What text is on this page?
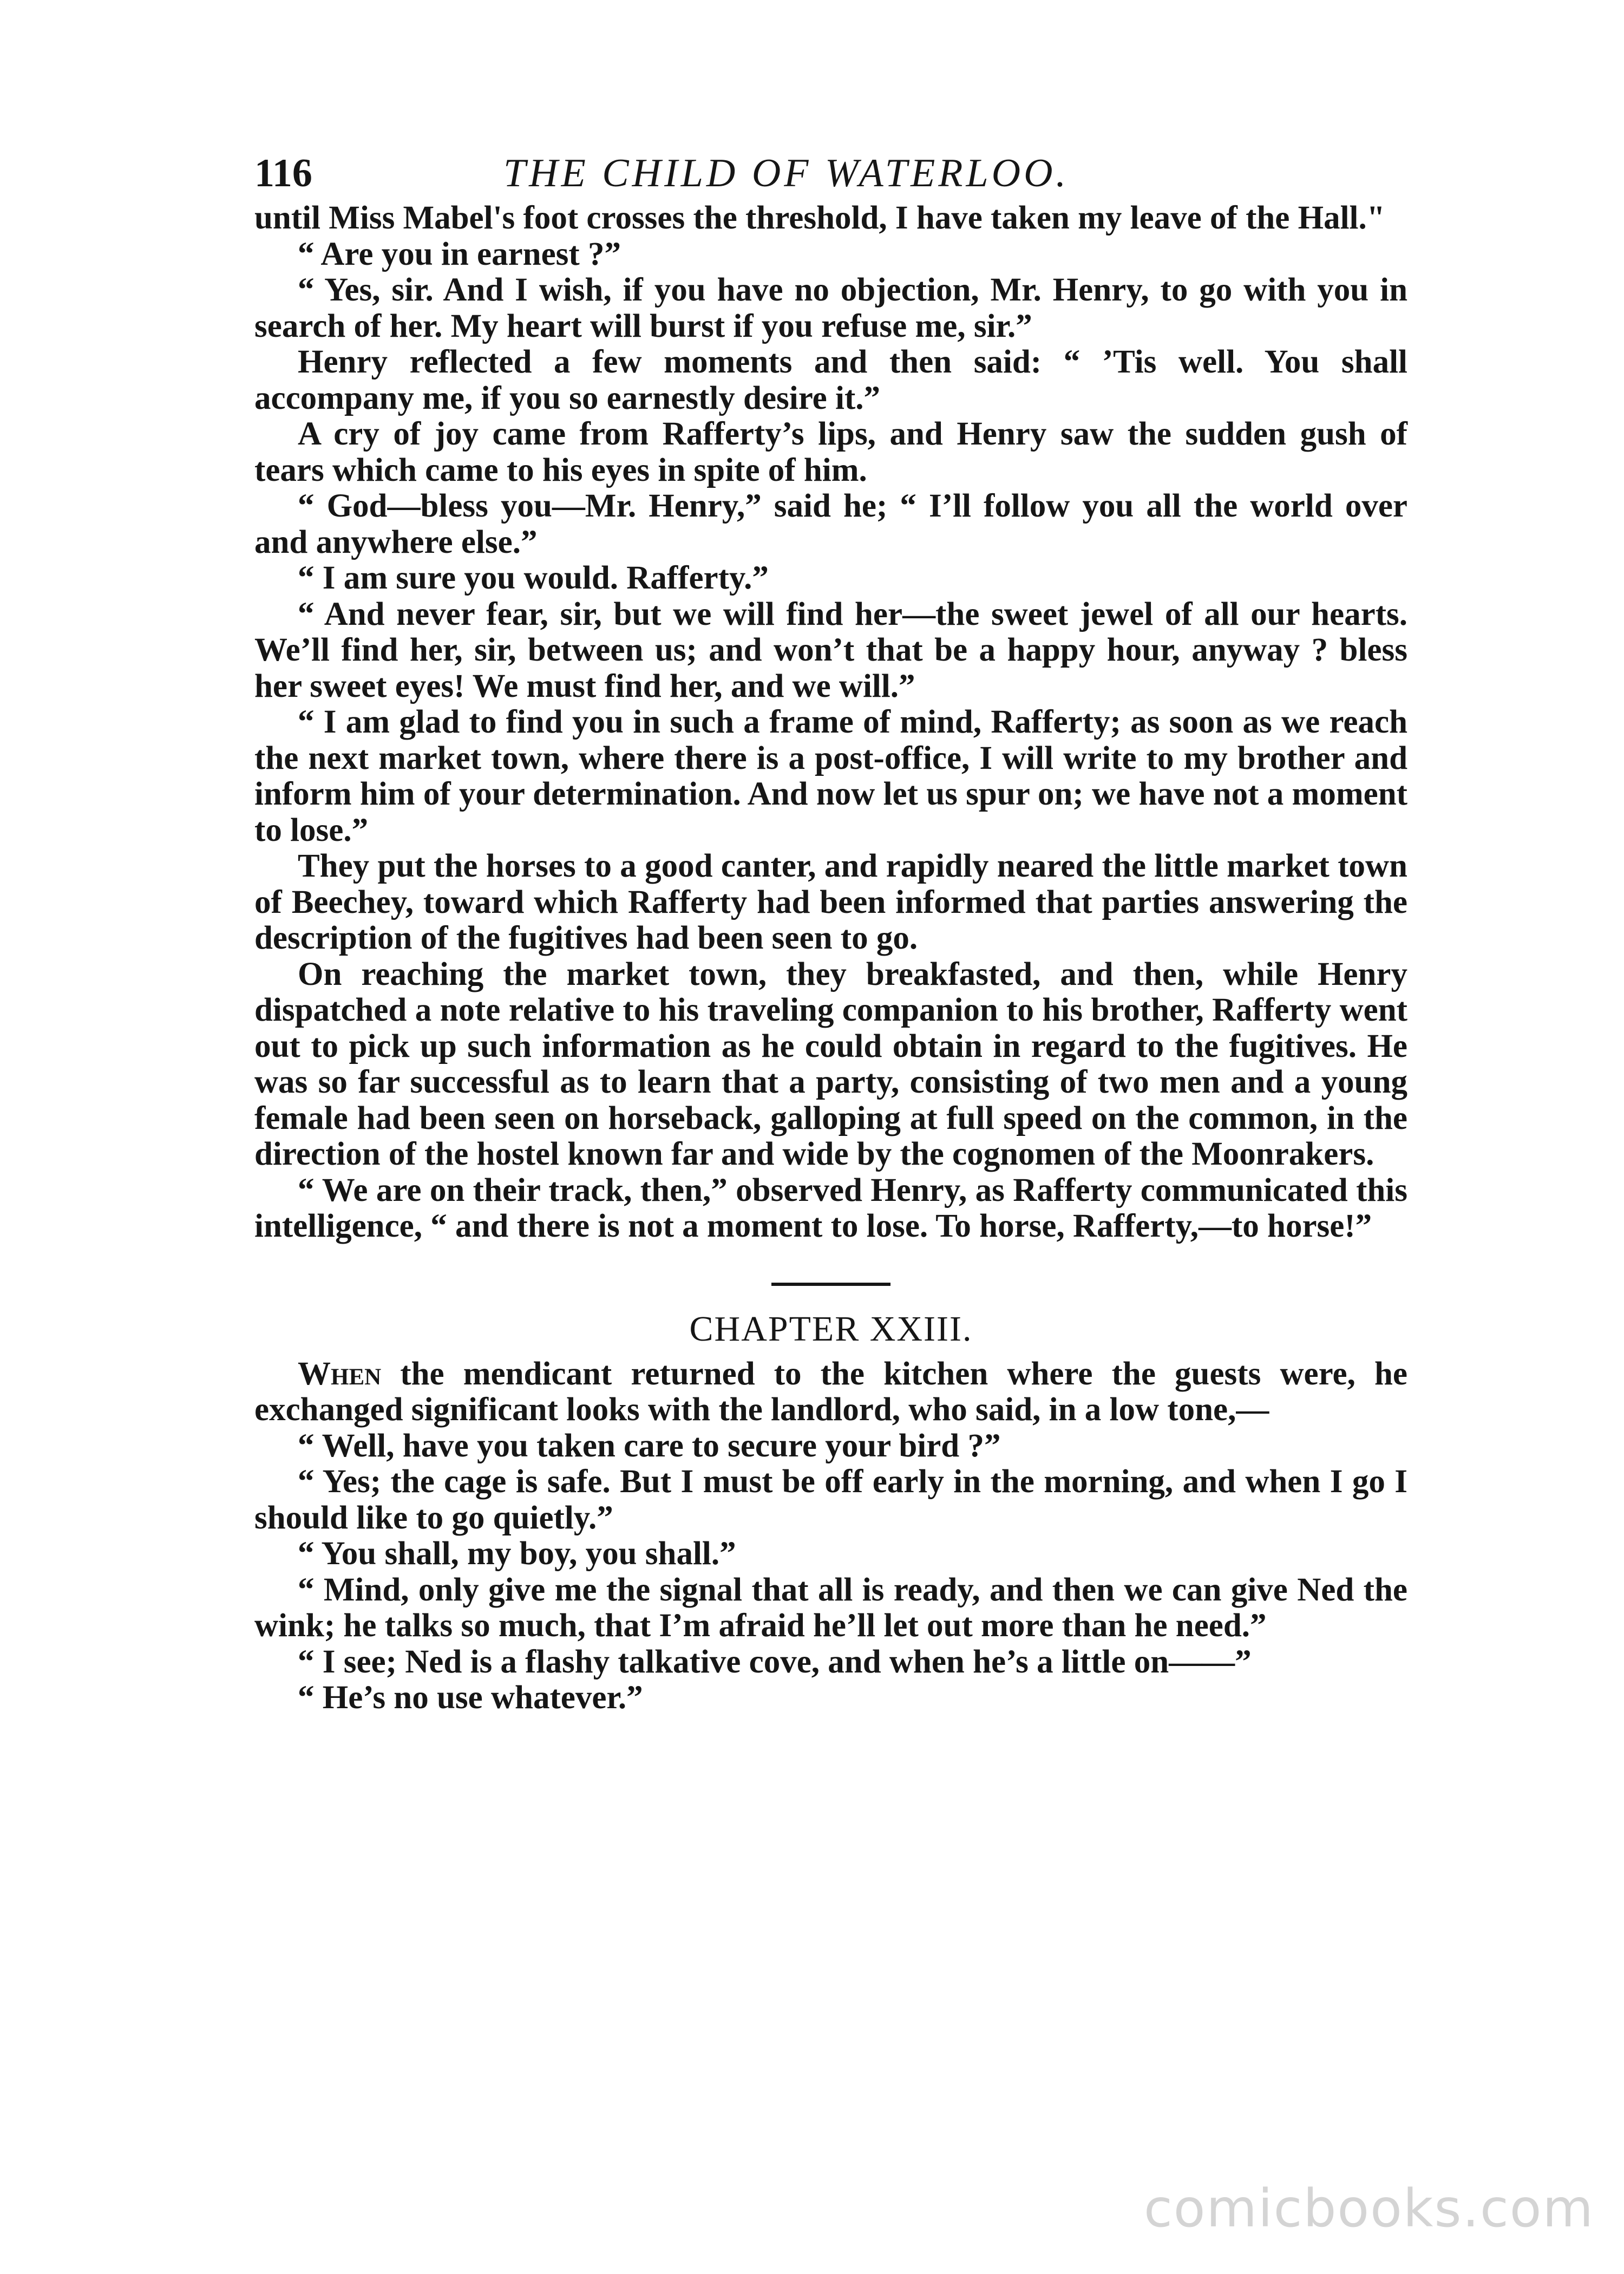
116	THE CHILD OF WATERLOO.

until Miss Mabel's foot crosses the threshold, I have taken my leave of the Hall."

“ Are you in earnest ?”

“ Yes, sir. And I wish, if you have no objection, Mr. Henry, to go with you in search of her. My heart will burst if you refuse me, sir.”

Henry reflected a few moments and then said: “ ’Tis well. You shall accompany me, if you so earnestly desire it.”

A cry of joy came from Rafferty’s lips, and Henry saw the sudden gush of tears which came to his eyes in spite of him.

“ God—bless you—Mr. Henry,” said he; “ I’ll follow you all the world over and anywhere else.”

“ I am sure you would. Rafferty.”

“ And never fear, sir, but we will find her—the sweet jewel of all our hearts. We’ll find her, sir, between us; and won’t that be a happy hour, anyway ? bless her sweet eyes! We must find her, and we will.”

“ I am glad to find you in such a frame of mind, Rafferty; as soon as we reach the next market town, where there is a post-office, I will write to my brother and inform him of your determination. And now let us spur on; we have not a moment to lose.”

They put the horses to a good canter, and rapidly neared the little market town of Beechey, toward which Rafferty had been informed that parties answering the description of the fugitives had been seen to go.

On reaching the market town, they breakfasted, and then, while Henry dispatched a note relative to his traveling companion to his brother, Rafferty went out to pick up such information as he could obtain in regard to the fugitives. He was so far successful as to learn that a party, consisting of two men and a young female had been seen on horseback, galloping at full speed on the common, in the direction of the hostel known far and wide by the cognomen of the Moonrakers.

“ We are on their track, then,” observed Henry, as Rafferty communicated this intelligence, “ and there is not a moment to lose. To horse, Rafferty,—to horse!”

CHAPTER XXIII.

When the mendicant returned to the kitchen where the guests were, he exchanged significant looks with the landlord, who said, in a low tone,—

“ Well, have you taken care to secure your bird ?”

“ Yes; the cage is safe. But I must be off early in the morning, and when I go I should like to go quietly.”

“ You shall, my boy, you shall.”

“ Mind, only give me the signal that all is ready, and then we can give Ned the wink; he talks so much, that I’m afraid he’ll let out more than he need.”

“ I see; Ned is a flashy talkative cove, and when he’s a little on——”

“ He’s no use whatever.”

comicbooks.com
